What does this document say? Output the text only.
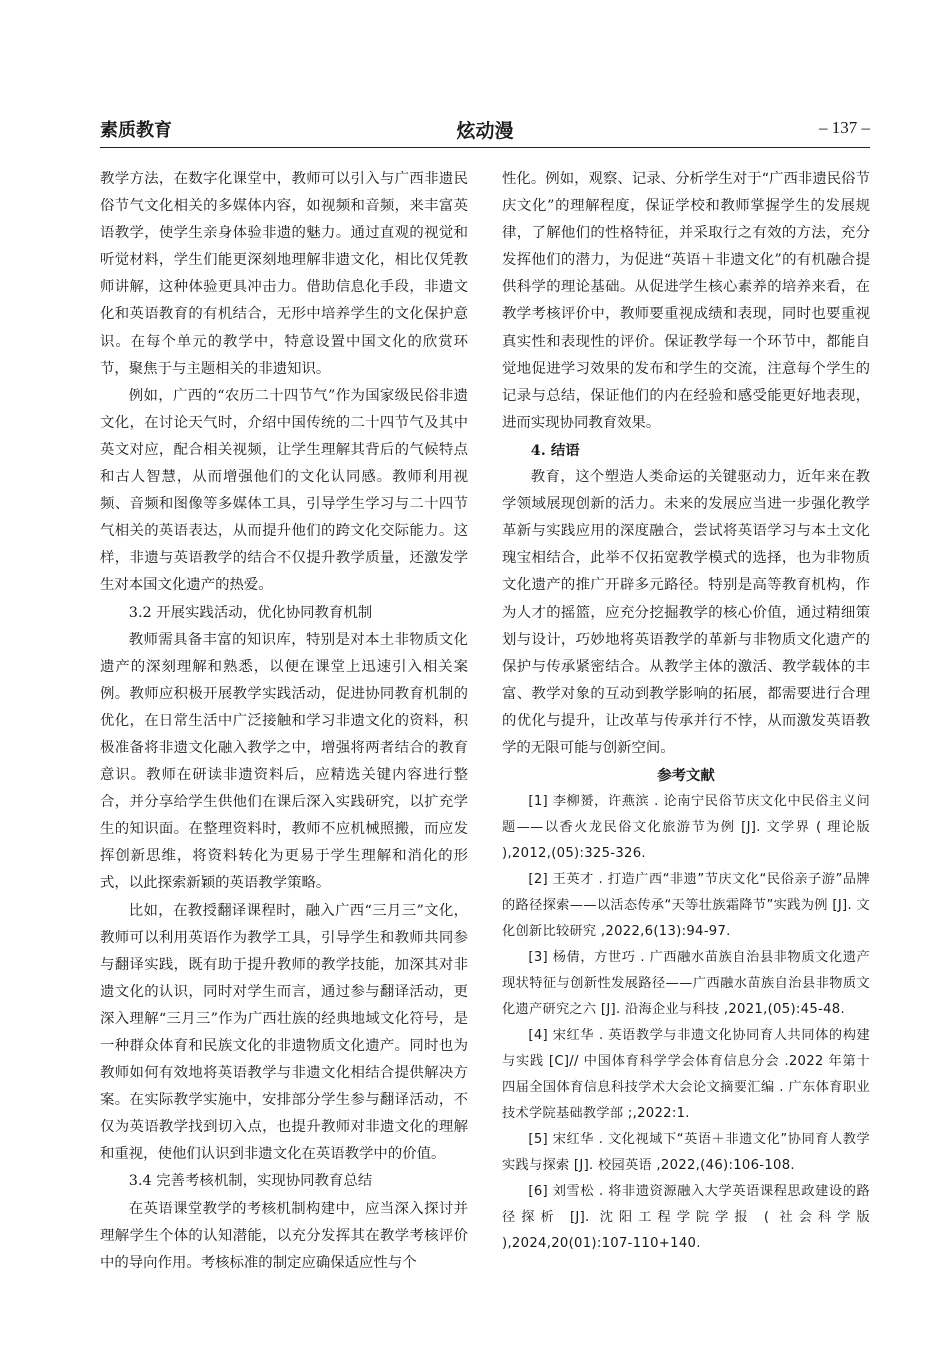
素质教育	炫动漫	– 137 –

教学方法，在数字化课堂中，教师可以引入与广西非遗民俗节气文化相关的多媒体内容，如视频和音频，来丰富英语教学，使学生亲身体验非遗的魅力。通过直观的视觉和听觉材料，学生们能更深刻地理解非遗文化，相比仅凭教师讲解，这种体验更具冲击力。借助信息化手段，非遗文化和英语教育的有机结合，无形中培养学生的文化保护意识。在每个单元的教学中，特意设置中国文化的欣赏环节，聚焦于与主题相关的非遗知识。

例如，广西的“农历二十四节气”作为国家级民俗非遗文化，在讨论天气时，介绍中国传统的二十四节气及其中英文对应，配合相关视频，让学生理解其背后的气候特点和古人智慧，从而增强他们的文化认同感。教师利用视频、音频和图像等多媒体工具，引导学生学习与二十四节气相关的英语表达，从而提升他们的跨文化交际能力。这样，非遗与英语教学的结合不仅提升教学质量，还激发学生对本国文化遗产的热爱。

3.2 开展实践活动，优化协同教育机制

教师需具备丰富的知识库，特别是对本土非物质文化遗产的深刻理解和熟悉，以便在课堂上迅速引入相关案例。教师应积极开展教学实践活动，促进协同教育机制的优化，在日常生活中广泛接触和学习非遗文化的资料，积极准备将非遗文化融入教学之中，增强将两者结合的教育意识。教师在研读非遗资料后，应精选关键内容进行整合，并分享给学生供他们在课后深入实践研究，以扩充学生的知识面。在整理资料时，教师不应机械照搬，而应发挥创新思维，将资料转化为更易于学生理解和消化的形式，以此探索新颖的英语教学策略。

比如，在教授翻译课程时，融入广西“三月三”文化，教师可以利用英语作为教学工具，引导学生和教师共同参与翻译实践，既有助于提升教师的教学技能，加深其对非遗文化的认识，同时对学生而言，通过参与翻译活动，更深入理解“三月三”作为广西壮族的经典地域文化符号，是一种群众体育和民族文化的非遗物质文化遗产。同时也为教师如何有效地将英语教学与非遗文化相结合提供解决方案。在实际教学实施中，安排部分学生参与翻译活动，不仅为英语教学找到切入点，也提升教师对非遗文化的理解和重视，使他们认识到非遗文化在英语教学中的价值。

3.4 完善考核机制，实现协同教育总结

在英语课堂教学的考核机制构建中，应当深入探讨并理解学生个体的认知潜能，以充分发挥其在教学考核评价中的导向作用。考核标准的制定应确保适应性与个

性化。例如，观察、记录、分析学生对于“广西非遗民俗节庆文化”的理解程度，保证学校和教师掌握学生的发展规律，了解他们的性格特征，并采取行之有效的方法，充分发挥他们的潜力，为促进“英语＋非遗文化”的有机融合提供科学的理论基础。从促进学生核心素养的培养来看，在教学考核评价中，教师要重视成绩和表现，同时也要重视真实性和表现性的评价。保证教学每一个环节中，都能自觉地促进学习效果的发布和学生的交流，注意每个学生的记录与总结，保证他们的内在经验和感受能更好地表现，进而实现协同教育效果。

4. 结语

教育，这个塑造人类命运的关键驱动力，近年来在教学领域展现创新的活力。未来的发展应当进一步强化教学革新与实践应用的深度融合，尝试将英语学习与本土文化瑰宝相结合，此举不仅拓宽教学模式的选择，也为非物质文化遗产的推广开辟多元路径。特别是高等教育机构，作为人才的摇篮，应充分挖掘教学的核心价值，通过精细策划与设计，巧妙地将英语教学的革新与非物质文化遗产的保护与传承紧密结合。从教学主体的激活、教学载体的丰富、教学对象的互动到教学影响的拓展，都需要进行合理的优化与提升，让改革与传承并行不悖，从而激发英语教学的无限可能与创新空间。

参考文献

[1] 李柳赟，许燕滨 . 论南宁民俗节庆文化中民俗主义问题——以香火龙民俗文化旅游节为例 [J]. 文学界 ( 理论版 ),2012,(05):325-326.

[2] 王英才 . 打造广西“非遗”节庆文化“民俗亲子游”品牌的路径探索——以活态传承“天等壮族霜降节”实践为例 [J]. 文化创新比较研究 ,2022,6(13):94-97.

[3] 杨倩，方世巧 . 广西融水苗族自治县非物质文化遗产现状特征与创新性发展路径——广西融水苗族自治县非物质文化遗产研究之六 [J]. 沿海企业与科技 ,2021,(05):45-48.

[4] 宋红华 . 英语教学与非遗文化协同育人共同体的构建与实践 [C]// 中国体育科学学会体育信息分会 .2022 年第十四届全国体育信息科技学术大会论文摘要汇编 . 广东体育职业技术学院基础教学部 ;,2022:1.

[5] 宋红华 . 文化视域下“英语＋非遗文化”协同育人教学实践与探索 [J]. 校园英语 ,2022,(46):106-108.

[6] 刘雪松 . 将非遗资源融入大学英语课程思政建设的路径探析 [J]. 沈阳工程学院学报 ( 社会科学版 ),2024,20(01):107-110+140.
